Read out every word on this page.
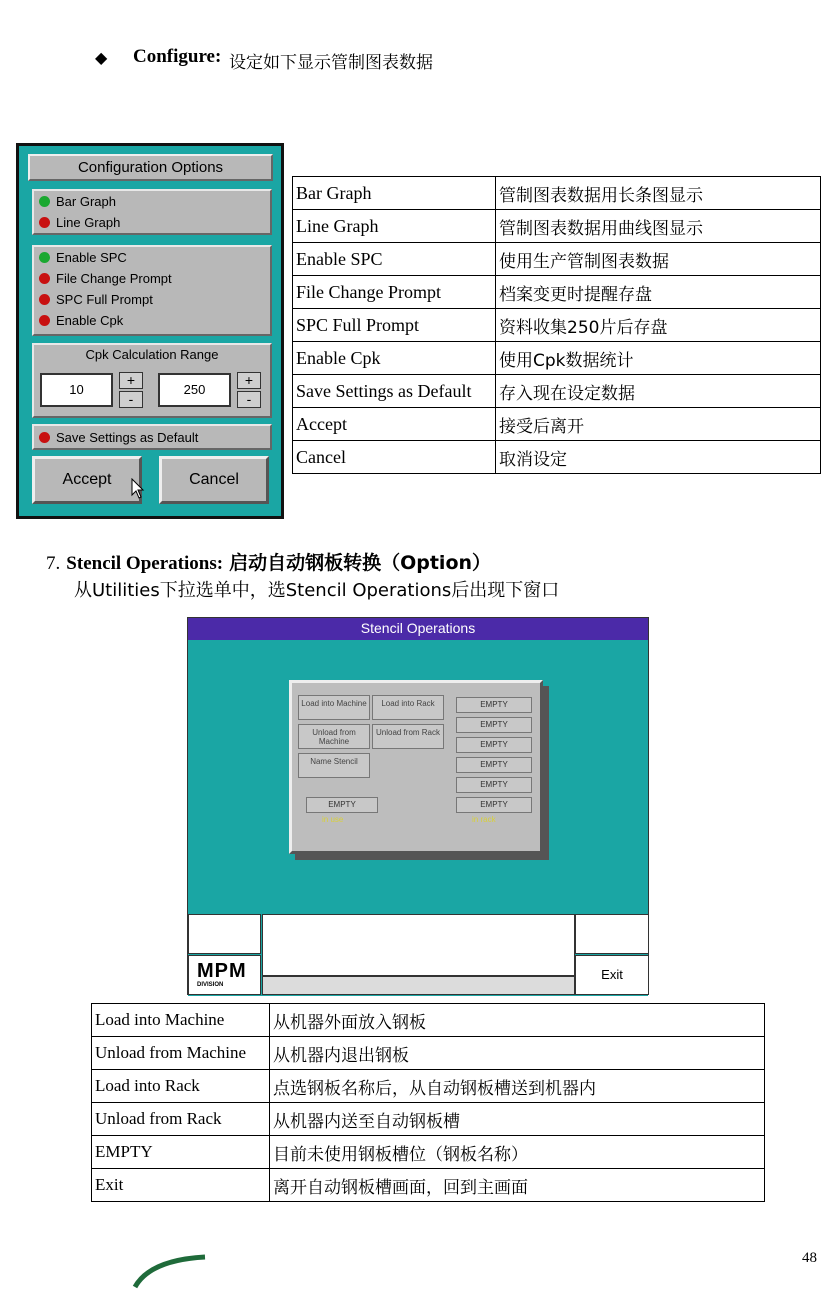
◆ Configure: 设定如下显示管制图表数据
Configuration Options
Bar Graph
Line Graph
Enable SPC
File Change Prompt
SPC Full Prompt
Enable Cpk
Cpk Calculation Range
10
+
-
250
+
-
Save Settings as Default
Accept	Cancel
Bar Graph	管制图表数据用长条图显示
Line Graph	管制图表数据用曲线图显示
Enable SPC	使用生产管制图表数据
File Change Prompt	档案变更时提醒存盘
SPC Full Prompt	资料收集250片后存盘
Enable Cpk	使用Cpk数据统计
Save Settings as Default	存入现在设定数据
Accept	接受后离开
Cancel	取消设定
7. Stencil Operations: 启动自动钢板转换（Option）
从Utilities下拉选单中，选Stencil Operations后出现下窗口
Stencil Operations
Load into Machine	Load into Rack
Unload from Machine
Unload from Rack
Name Stencil
EMPTY
EMPTY
EMPTY
EMPTY
EMPTY
EMPTY
EMPTY
in use	in rack
MPM
DIVISION
Exit
Load into Machine	从机器外面放入钢板
Unload from Machine	从机器内退出钢板
Load into Rack	点选钢板名称后，从自动钢板槽送到机器内
Unload from Rack	从机器内送至自动钢板槽
EMPTY	目前未使用钢板槽位（钢板名称）
Exit	离开自动钢板槽画面，回到主画面
48
